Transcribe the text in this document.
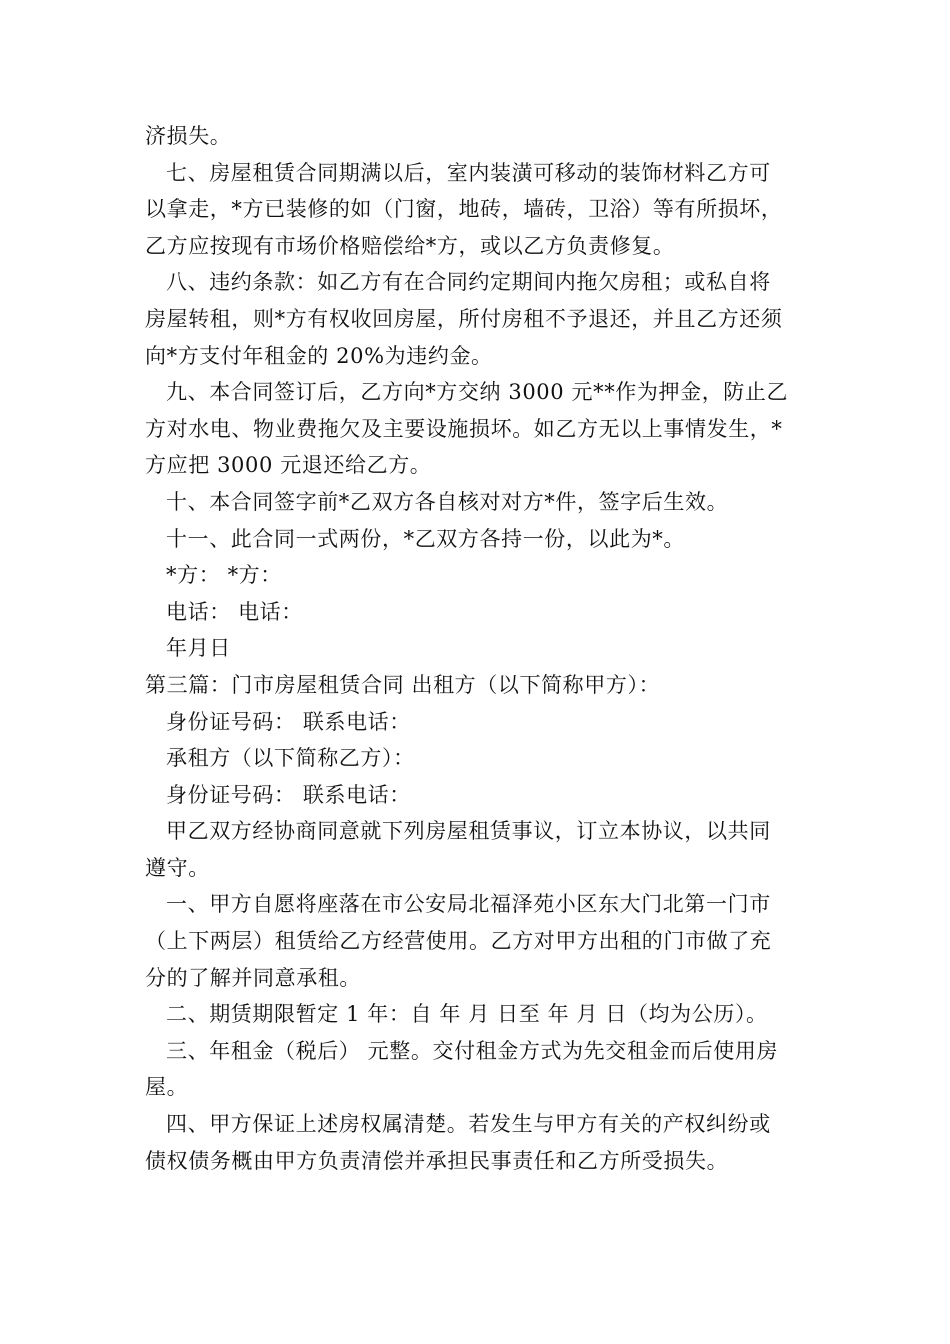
济损失。
七、房屋租赁合同期满以后，室内装潢可移动的装饰材料乙方可
以拿走，*方已装修的如（门窗，地砖，墙砖，卫浴）等有所损坏，
乙方应按现有市场价格赔偿给*方，或以乙方负责修复。
八、违约条款：如乙方有在合同约定期间内拖欠房租；或私自将
房屋转租，则*方有权收回房屋，所付房租不予退还，并且乙方还须
向*方支付年租金的 20%为违约金。
九、本合同签订后，乙方向*方交纳 3000 元**作为押金，防止乙
方对水电、物业费拖欠及主要设施损坏。如乙方无以上事情发生，*
方应把 3000 元退还给乙方。
十、本合同签字前*乙双方各自核对对方*件，签字后生效。
十一、此合同一式两份，*乙双方各持一份，以此为*。
*方： *方：
电话： 电话：
年月日
第三篇：门市房屋租赁合同 出租方（以下简称甲方）：
身份证号码： 联系电话：
承租方（以下简称乙方）：
身份证号码： 联系电话：
甲乙双方经协商同意就下列房屋租赁事议，订立本协议，以共同
遵守。
一、甲方自愿将座落在市公安局北福泽苑小区东大门北第一门市
（上下两层）租赁给乙方经营使用。乙方对甲方出租的门市做了充
分的了解并同意承租。
二、期赁期限暂定 1 年：自 年 月 日至 年 月 日（均为公历）。
三、年租金（税后） 元整。交付租金方式为先交租金而后使用房
屋。
四、甲方保证上述房权属清楚。若发生与甲方有关的产权纠纷或
债权债务概由甲方负责清偿并承担民事责任和乙方所受损失。
